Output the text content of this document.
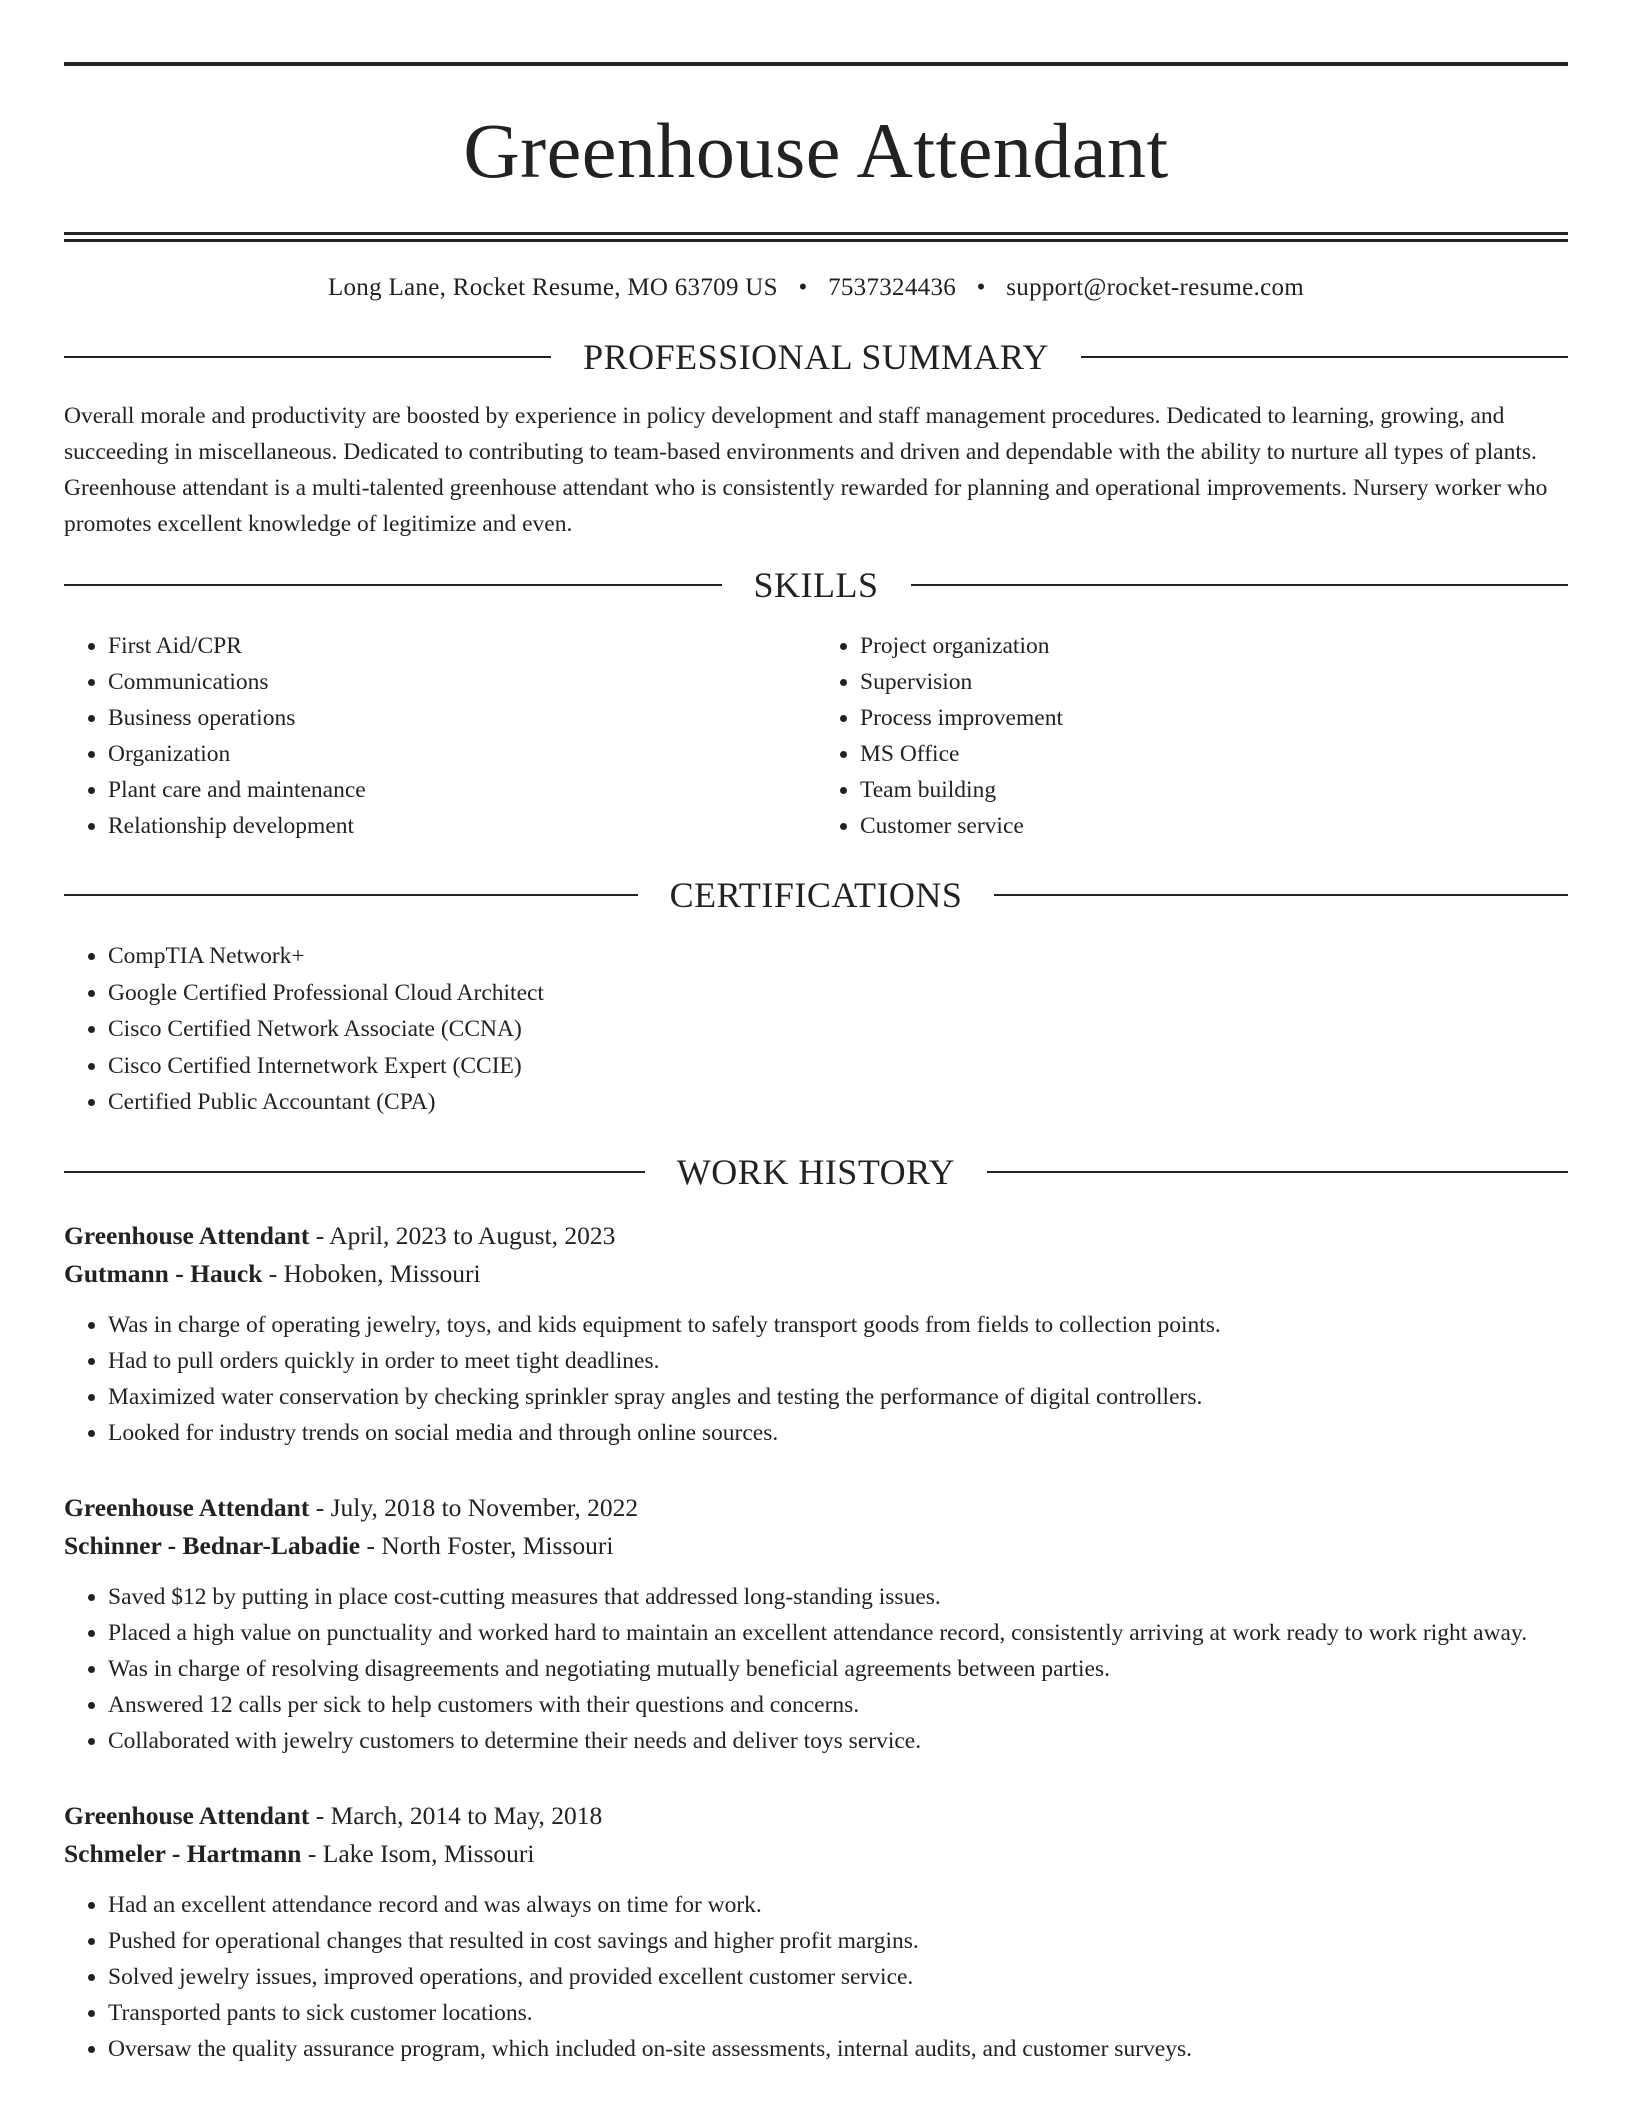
Greenhouse Attendant
Long Lane, Rocket Resume, MO 63709 US • 7537324436 • support@rocket-resume.com
PROFESSIONAL SUMMARY

Overall morale and productivity are boosted by experience in policy development and staff management procedures. Dedicated to learning, growing, and succeeding in miscellaneous. Dedicated to contributing to team-based environments and driven and dependable with the ability to nurture all types of plants. Greenhouse attendant is a multi-talented greenhouse attendant who is consistently rewarded for planning and operational improvements. Nursery worker who promotes excellent knowledge of legitimize and even.

SKILLS
• First Aid/CPR
• Communications
• Business operations
• Organization
• Plant care and maintenance
• Relationship development
• Project organization
• Supervision
• Process improvement
• MS Office
• Team building
• Customer service
CERTIFICATIONS
• CompTIA Network+
• Google Certified Professional Cloud Architect
• Cisco Certified Network Associate (CCNA)
• Cisco Certified Internetwork Expert (CCIE)
• Certified Public Accountant (CPA)
WORK HISTORY
Greenhouse Attendant - April, 2023 to August, 2023
Gutmann - Hauck - Hoboken, Missouri
• Was in charge of operating jewelry, toys, and kids equipment to safely transport goods from fields to collection points.
• Had to pull orders quickly in order to meet tight deadlines.
• Maximized water conservation by checking sprinkler spray angles and testing the performance of digital controllers.
• Looked for industry trends on social media and through online sources.
Greenhouse Attendant - July, 2018 to November, 2022
Schinner - Bednar-Labadie - North Foster, Missouri
• Saved $12 by putting in place cost-cutting measures that addressed long-standing issues.
• Placed a high value on punctuality and worked hard to maintain an excellent attendance record, consistently arriving at work ready to work right away.
• Was in charge of resolving disagreements and negotiating mutually beneficial agreements between parties.
• Answered 12 calls per sick to help customers with their questions and concerns.
• Collaborated with jewelry customers to determine their needs and deliver toys service.
Greenhouse Attendant - March, 2014 to May, 2018
Schmeler - Hartmann - Lake Isom, Missouri
• Had an excellent attendance record and was always on time for work.
• Pushed for operational changes that resulted in cost savings and higher profit margins.
• Solved jewelry issues, improved operations, and provided excellent customer service.
• Transported pants to sick customer locations.
• Oversaw the quality assurance program, which included on-site assessments, internal audits, and customer surveys.
